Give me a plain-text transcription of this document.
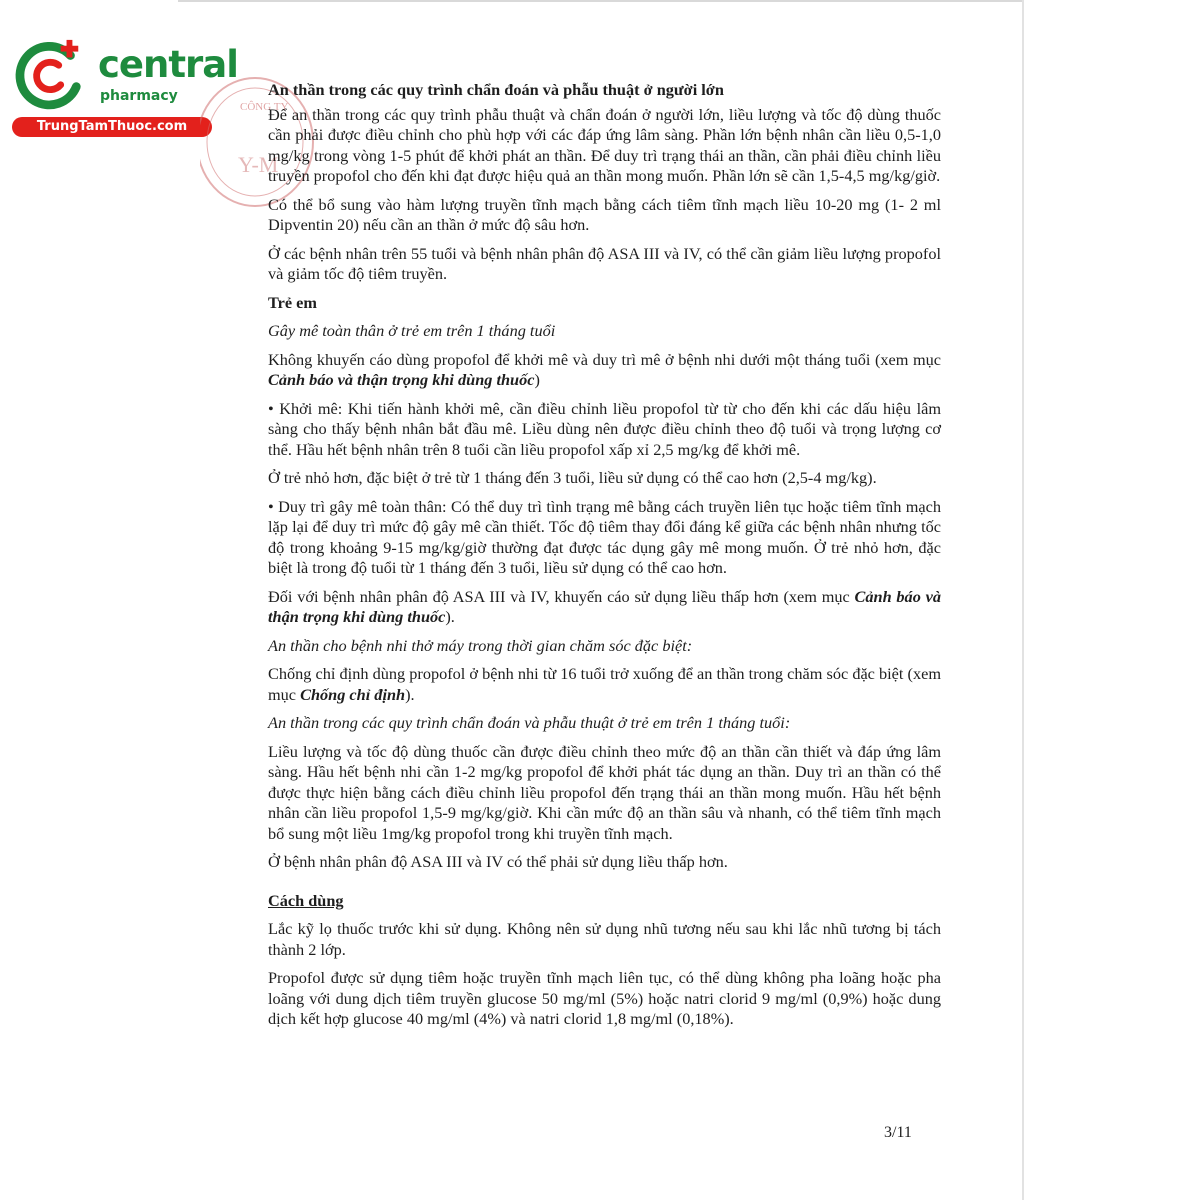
central
pharmacy
TrungTamThuoc.com
CÔNG TY
Y-M
An thần trong các quy trình chẩn đoán và phẫu thuật ở người lớn

Để an thần trong các quy trình phẫu thuật và chẩn đoán ở người lớn, liều lượng và tốc độ dùng thuốc cần phải được điều chỉnh cho phù hợp với các đáp ứng lâm sàng. Phần lớn bệnh nhân cần liều 0,5-1,0 mg/kg trong vòng 1-5 phút để khởi phát an thần. Để duy trì trạng thái an thần, cần phải điều chỉnh liều truyền propofol cho đến khi đạt được hiệu quả an thần mong muốn. Phần lớn sẽ cần 1,5-4,5 mg/kg/giờ.

Có thể bổ sung vào hàm lượng truyền tĩnh mạch bằng cách tiêm tĩnh mạch liều 10-20 mg (1- 2 ml Dipventin 20) nếu cần an thần ở mức độ sâu hơn.

Ở các bệnh nhân trên 55 tuổi và bệnh nhân phân độ ASA III và IV, có thể cần giảm liều lượng propofol và giảm tốc độ tiêm truyền.

Trẻ em

Gây mê toàn thân ở trẻ em trên 1 tháng tuổi

Không khuyến cáo dùng propofol để khởi mê và duy trì mê ở bệnh nhi dưới một tháng tuổi (xem mục Cảnh báo và thận trọng khi dùng thuốc)

• Khởi mê: Khi tiến hành khởi mê, cần điều chỉnh liều propofol từ từ cho đến khi các dấu hiệu lâm sàng cho thấy bệnh nhân bắt đầu mê. Liều dùng nên được điều chỉnh theo độ tuổi và trọng lượng cơ thể. Hầu hết bệnh nhân trên 8 tuổi cần liều propofol xấp xỉ 2,5 mg/kg để khởi mê.

Ở trẻ nhỏ hơn, đặc biệt ở trẻ từ 1 tháng đến 3 tuổi, liều sử dụng có thể cao hơn (2,5-4 mg/kg).

• Duy trì gây mê toàn thân: Có thể duy trì tình trạng mê bằng cách truyền liên tục hoặc tiêm tĩnh mạch lặp lại để duy trì mức độ gây mê cần thiết. Tốc độ tiêm thay đổi đáng kể giữa các bệnh nhân nhưng tốc độ trong khoảng 9-15 mg/kg/giờ thường đạt được tác dụng gây mê mong muốn. Ở trẻ nhỏ hơn, đặc biệt là trong độ tuổi từ 1 tháng đến 3 tuổi, liều sử dụng có thể cao hơn.

Đối với bệnh nhân phân độ ASA III và IV, khuyến cáo sử dụng liều thấp hơn (xem mục Cảnh báo và thận trọng khi dùng thuốc).

An thần cho bệnh nhi thở máy trong thời gian chăm sóc đặc biệt:

Chống chỉ định dùng propofol ở bệnh nhi từ 16 tuổi trở xuống để an thần trong chăm sóc đặc biệt (xem mục Chống chỉ định).

An thần trong các quy trình chẩn đoán và phẫu thuật ở trẻ em trên 1 tháng tuổi:

Liều lượng và tốc độ dùng thuốc cần được điều chỉnh theo mức độ an thần cần thiết và đáp ứng lâm sàng. Hầu hết bệnh nhi cần 1-2 mg/kg propofol để khởi phát tác dụng an thần. Duy trì an thần có thể được thực hiện bằng cách điều chỉnh liều propofol đến trạng thái an thần mong muốn. Hầu hết bệnh nhân cần liều propofol 1,5-9 mg/kg/giờ. Khi cần mức độ an thần sâu và nhanh, có thể tiêm tĩnh mạch bổ sung một liều 1mg/kg propofol trong khi truyền tĩnh mạch.

Ở bệnh nhân phân độ ASA III và IV có thể phải sử dụng liều thấp hơn.

Cách dùng

Lắc kỹ lọ thuốc trước khi sử dụng. Không nên sử dụng nhũ tương nếu sau khi lắc nhũ tương bị tách thành 2 lớp.

Propofol được sử dụng tiêm hoặc truyền tĩnh mạch liên tục, có thể dùng không pha loãng hoặc pha loãng với dung dịch tiêm truyền glucose 50 mg/ml (5%) hoặc natri clorid 9 mg/ml (0,9%) hoặc dung dịch kết hợp glucose 40 mg/ml (4%) và natri clorid 1,8 mg/ml (0,18%).

3/11
